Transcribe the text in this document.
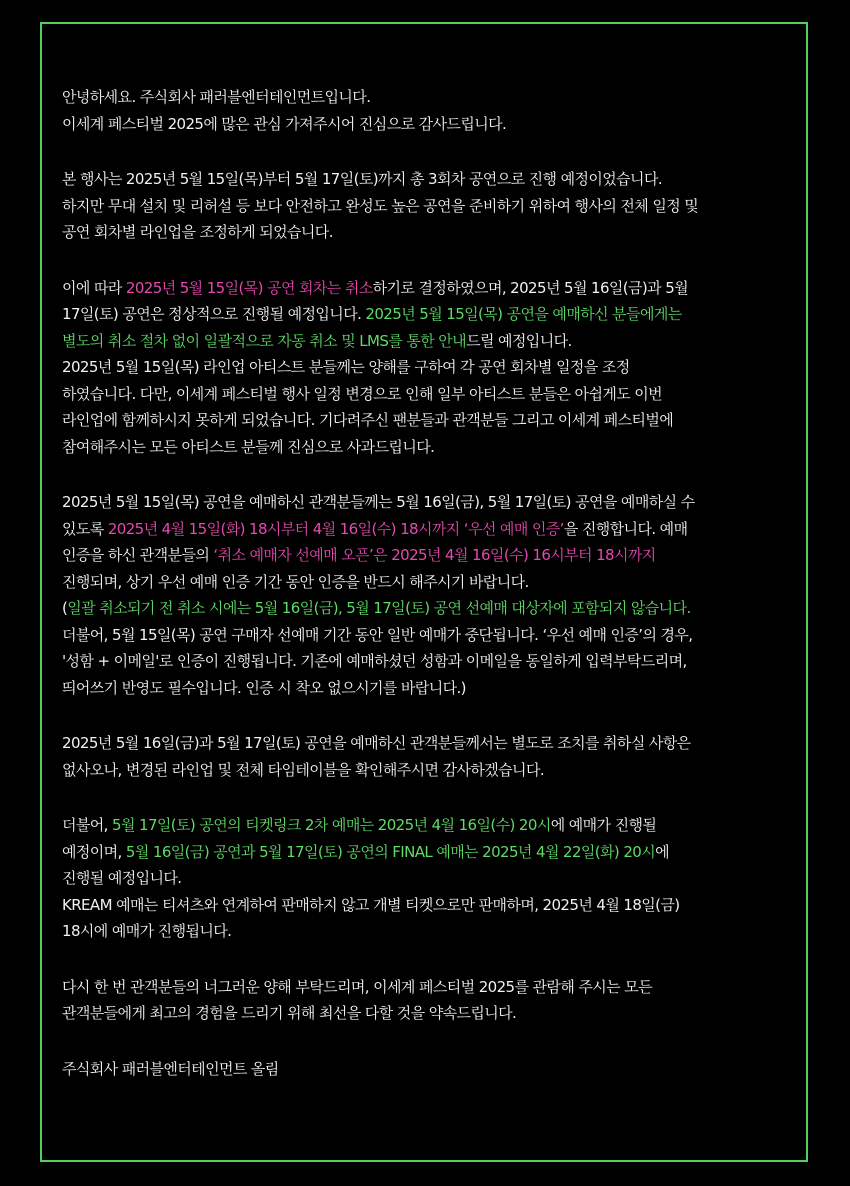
안녕하세요. 주식회사 패러블엔터테인먼트입니다.
이세계 페스티벌 2025에 많은 관심 가져주시어 진심으로 감사드립니다.
본 행사는 2025년 5월 15일(목)부터 5월 17일(토)까지 총 3회차 공연으로 진행 예정이었습니다.
하지만 무대 설치 및 리허설 등 보다 안전하고 완성도 높은 공연을 준비하기 위하여 행사의 전체 일정 및
공연 회차별 라인업을 조정하게 되었습니다.
이에 따라 2025년 5월 15일(목) 공연 회차는 취소하기로 결정하였으며, 2025년 5월 16일(금)과 5월
17일(토) 공연은 정상적으로 진행될 예정입니다. 2025년 5월 15일(목) 공연을 예매하신 분들에게는
별도의 취소 절차 없이 일괄적으로 자동 취소 및 LMS를 통한 안내드릴 예정입니다.
2025년 5월 15일(목) 라인업 아티스트 분들께는 양해를 구하여 각 공연 회차별 일정을 조정
하였습니다. 다만, 이세계 페스티벌 행사 일정 변경으로 인해 일부 아티스트 분들은 아쉽게도 이번
라인업에 함께하시지 못하게 되었습니다. 기다려주신 팬분들과 관객분들 그리고 이세계 페스티벌에
참여해주시는 모든 아티스트 분들께 진심으로 사과드립니다.
2025년 5월 15일(목) 공연을 예매하신 관객분들께는 5월 16일(금), 5월 17일(토) 공연을 예매하실 수
있도록 2025년 4월 15일(화) 18시부터 4월 16일(수) 18시까지 ‘우선 예매 인증’을 진행합니다. 예매
인증을 하신 관객분들의 ‘취소 예매자 선예매 오픈’은 2025년 4월 16일(수) 16시부터 18시까지
진행되며, 상기 우선 예매 인증 기간 동안 인증을 반드시 해주시기 바랍니다.
(일괄 취소되기 전 취소 시에는 5월 16일(금), 5월 17일(토) 공연 선예매 대상자에 포함되지 않습니다.
더불어, 5월 15일(목) 공연 구매자 선예매 기간 동안 일반 예매가 중단됩니다. ‘우선 예매 인증’의 경우,
'성함 + 이메일'로 인증이 진행됩니다. 기존에 예매하셨던 성함과 이메일을 동일하게 입력부탁드리며,
띄어쓰기 반영도 필수입니다. 인증 시 착오 없으시기를 바랍니다.)
2025년 5월 16일(금)과 5월 17일(토) 공연을 예매하신 관객분들께서는 별도로 조치를 취하실 사항은
없사오나, 변경된 라인업 및 전체 타임테이블을 확인해주시면 감사하겠습니다.
더불어, 5월 17일(토) 공연의 티켓링크 2차 예매는 2025년 4월 16일(수) 20시에 예매가 진행될
예정이며, 5월 16일(금) 공연과 5월 17일(토) 공연의 FINAL 예매는 2025년 4월 22일(화) 20시에
진행될 예정입니다.
KREAM 예매는 티셔츠와 연계하여 판매하지 않고 개별 티켓으로만 판매하며, 2025년 4월 18일(금)
18시에 예매가 진행됩니다.
다시 한 번 관객분들의 너그러운 양해 부탁드리며, 이세계 페스티벌 2025를 관람해 주시는 모든
관객분들에게 최고의 경험을 드리기 위해 최선을 다할 것을 약속드립니다.
주식회사 패러블엔터테인먼트 올림
